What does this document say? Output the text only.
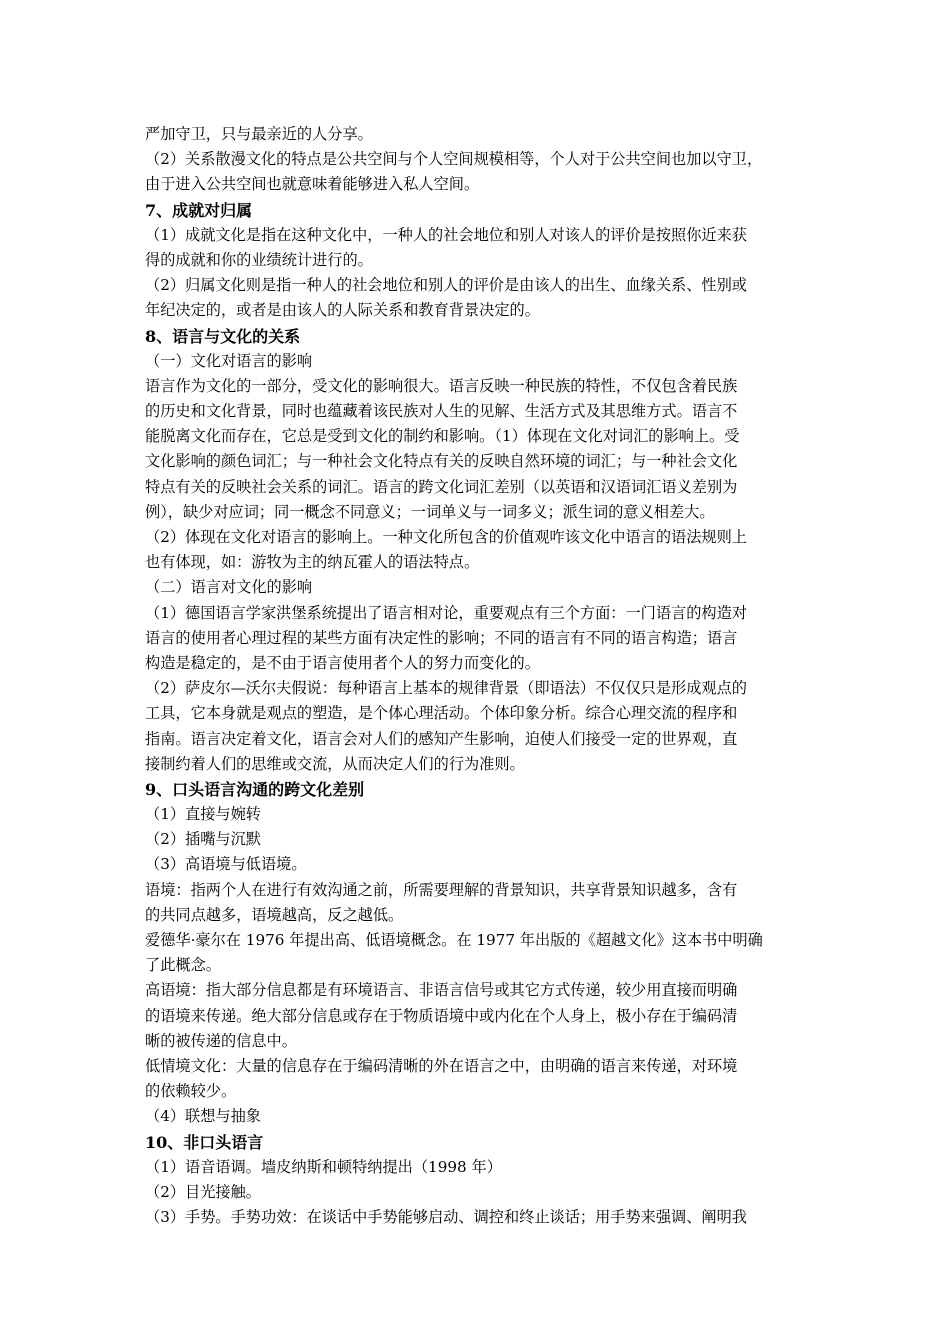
严加守卫，只与最亲近的人分享。
（2）关系散漫文化的特点是公共空间与个人空间规模相等，个人对于公共空间也加以守卫，
由于进入公共空间也就意味着能够进入私人空间。
7、成就对归属
（1）成就文化是指在这种文化中，一种人的社会地位和别人对该人的评价是按照你近来获
得的成就和你的业绩统计进行的。
（2）归属文化则是指一种人的社会地位和别人的评价是由该人的出生、血缘关系、性别或
年纪决定的，或者是由该人的人际关系和教育背景决定的。
8、语言与文化的关系
（一）文化对语言的影响
语言作为文化的一部分，受文化的影响很大。语言反映一种民族的特性，不仅包含着民族
的历史和文化背景，同时也蕴藏着该民族对人生的见解、生活方式及其思维方式。语言不
能脱离文化而存在，它总是受到文化的制约和影响。（1）体现在文化对词汇的影响上。受
文化影响的颜色词汇；与一种社会文化特点有关的反映自然环境的词汇；与一种社会文化
特点有关的反映社会关系的词汇。语言的跨文化词汇差别（以英语和汉语词汇语义差别为
例），缺少对应词；同一概念不同意义；一词单义与一词多义；派生词的意义相差大。
（2）体现在文化对语言的影响上。一种文化所包含的价值观咋该文化中语言的语法规则上
也有体现，如：游牧为主的纳瓦霍人的语法特点。
（二）语言对文化的影响
（1）德国语言学家洪堡系统提出了语言相对论，重要观点有三个方面：一门语言的构造对
语言的使用者心理过程的某些方面有决定性的影响；不同的语言有不同的语言构造；语言
构造是稳定的，是不由于语言使用者个人的努力而变化的。
（2）萨皮尔—沃尔夫假说：每种语言上基本的规律背景（即语法）不仅仅只是形成观点的
工具，它本身就是观点的塑造，是个体心理活动。个体印象分析。综合心理交流的程序和
指南。语言决定着文化，语言会对人们的感知产生影响，迫使人们接受一定的世界观，直
接制约着人们的思维或交流，从而决定人们的行为准则。
9、口头语言沟通的跨文化差别
（1）直接与婉转
（2）插嘴与沉默
（3）高语境与低语境。
语境：指两个人在进行有效沟通之前，所需要理解的背景知识，共享背景知识越多，含有
的共同点越多，语境越高，反之越低。
爱德华·豪尔在 1976 年提出高、低语境概念。在 1977 年出版的《超越文化》这本书中明确
了此概念。
高语境：指大部分信息都是有环境语言、非语言信号或其它方式传递，较少用直接而明确
的语境来传递。绝大部分信息或存在于物质语境中或内化在个人身上，极小存在于编码清
晰的被传递的信息中。
低情境文化：大量的信息存在于编码清晰的外在语言之中，由明确的语言来传递，对环境
的依赖较少。
（4）联想与抽象
10、非口头语言
（1）语音语调。墙皮纳斯和顿特纳提出（1998 年）
（2）目光接触。
（3）手势。手势功效：在谈话中手势能够启动、调控和终止谈话；用手势来强调、阐明我
